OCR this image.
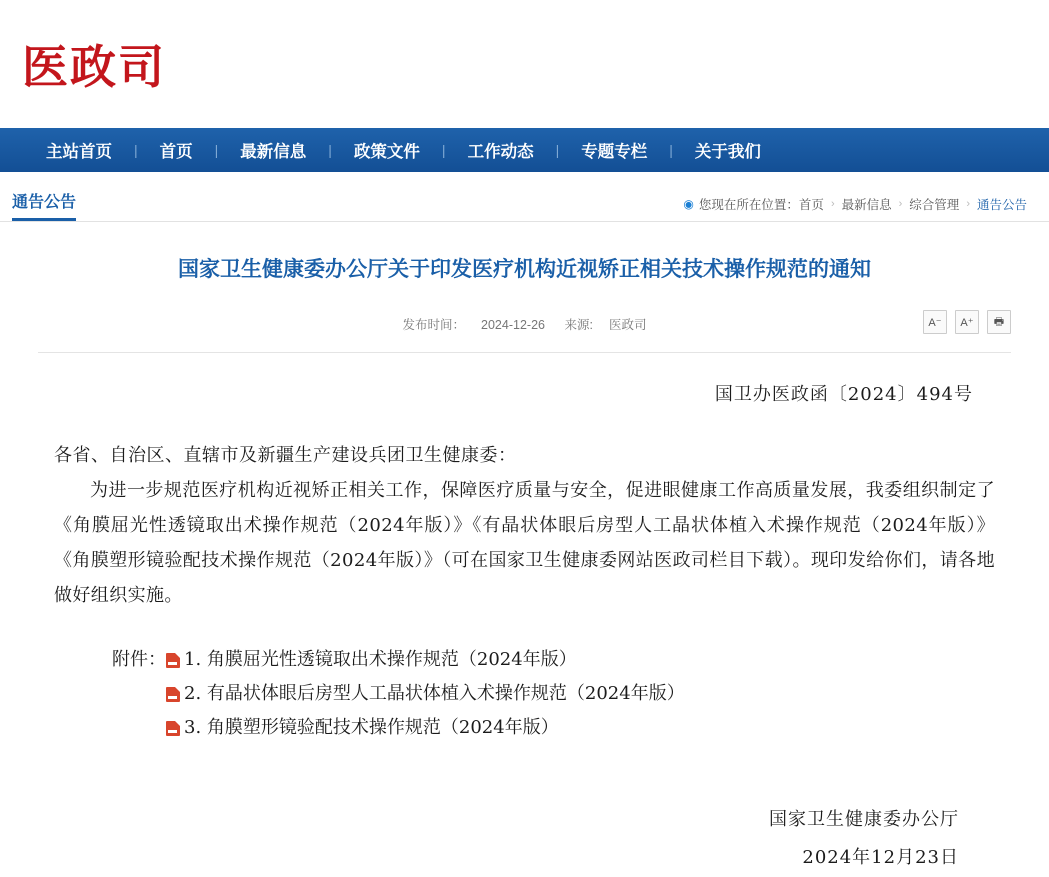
医政司
主站首页	|	首页	|	最新信息	|	政策文件	|	工作动态	|	专题专栏	|	关于我们
通告公告	◉ 您现在所在位置： 首页 › 最新信息 › 综合管理 › 通告公告
国家卫生健康委办公厅关于印发医疗机构近视矫正相关技术操作规范的通知
发布时间： 2024-12-26 来源: 医政司	A⁻	A⁺	🖶
国卫办医政函〔2024〕494号
各省、自治区、直辖市及新疆生产建设兵团卫生健康委：
为进一步规范医疗机构近视矫正相关工作，保障医疗质量与安全，促进眼健康工作高质量发展，我委组织制定了《角膜屈光性透镜取出术操作规范（2024年版）》《有晶状体眼后房型人工晶状体植入术操作规范（2024年版）》《角膜塑形镜验配技术操作规范（2024年版）》（可在国家卫生健康委网站医政司栏目下载）。现印发给你们，请各地做好组织实施。
附件： 1. 角膜屈光性透镜取出术操作规范（2024年版）
2. 有晶状体眼后房型人工晶状体植入术操作规范（2024年版）
3. 角膜塑形镜验配技术操作规范（2024年版）
国家卫生健康委办公厅
2024年12月23日
